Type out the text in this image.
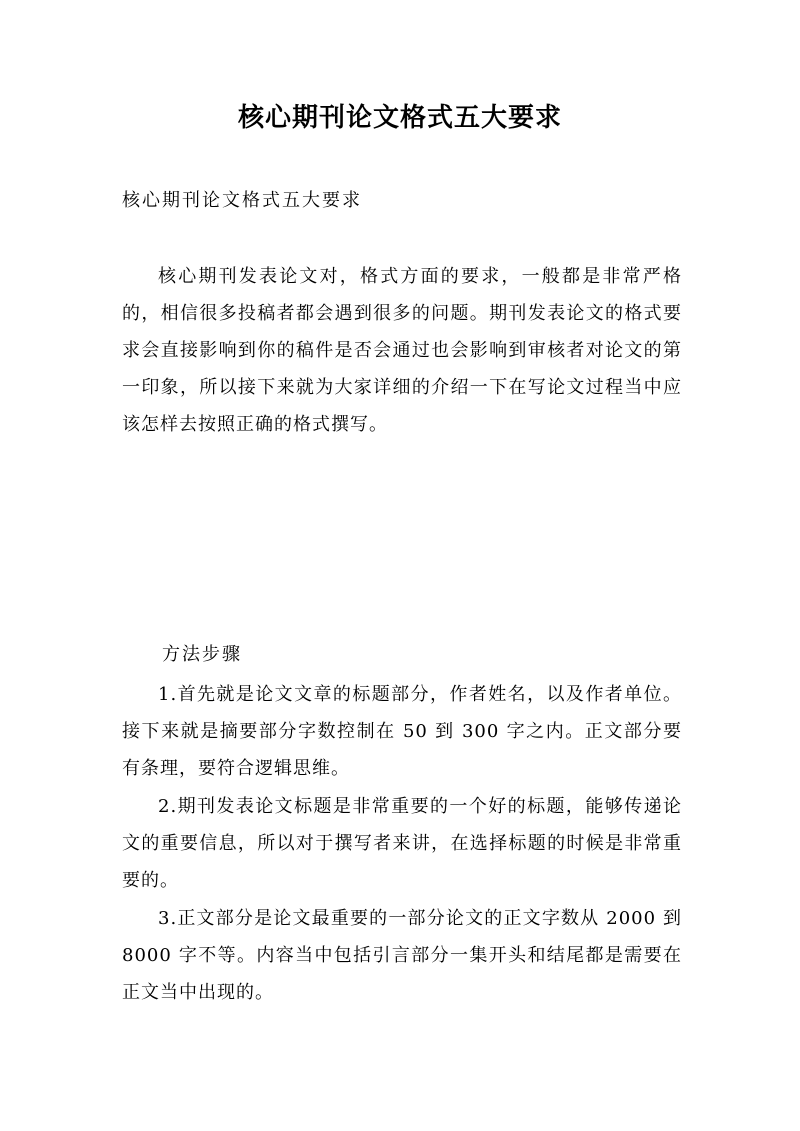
核心期刊论文格式五大要求

核心期刊论文格式五大要求

核心期刊发表论文对，格式方面的要求，一般都是非常严格的，相信很多投稿者都会遇到很多的问题。期刊发表论文的格式要求会直接影响到你的稿件是否会通过也会影响到审核者对论文的第一印象，所以接下来就为大家详细的介绍一下在写论文过程当中应该怎样去按照正确的格式撰写。

方法步骤

1.首先就是论文文章的标题部分，作者姓名，以及作者单位。接下来就是摘要部分字数控制在 50 到 300 字之内。正文部分要有条理，要符合逻辑思维。

2.期刊发表论文标题是非常重要的一个好的标题，能够传递论文的重要信息，所以对于撰写者来讲，在选择标题的时候是非常重要的。

3.正文部分是论文最重要的一部分论文的正文字数从 2000 到 8000 字不等。内容当中包括引言部分一集开头和结尾都是需要在正文当中出现的。
